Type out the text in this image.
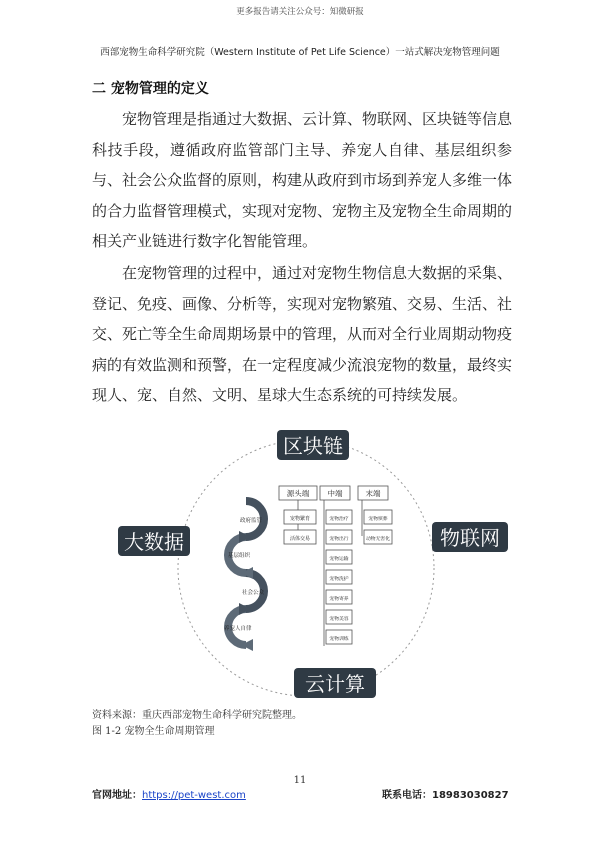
更多报告请关注公众号：知微研报
西部宠物生命科学研究院（Western Institute of Pet Life Science）一站式解决宠物管理问题
二 宠物管理的定义

宠物管理是指通过大数据、云计算、物联网、区块链等信息科技手段，遵循政府监管部门主导、养宠人自律、基层组织参与、社会公众监督的原则，构建从政府到市场到养宠人多维一体的合力监督管理模式，实现对宠物、宠物主及宠物全生命周期的相关产业链进行数字化智能管理。

在宠物管理的过程中，通过对宠物生物信息大数据的采集、登记、免疫、画像、分析等，实现对宠物繁殖、交易、生活、社交、死亡等全生命周期场景中的管理，从而对全行业周期动物疫病的有效监测和预警，在一定程度减少流浪宠物的数量，最终实现人、宠、自然、文明、星球大生态系统的可持续发展。

政府监管
基层组织
社会公众
养宠人自律
源头端
宠物繁育
活体交易
中端
宠物治疗
宠物出行
宠物运输
宠物洗护
宠物寄养
宠物美容
宠物训练
末端
宠物殡葬
动物无害化
区块链
大数据	物联网
云计算
资料来源：重庆西部宠物生命科学研究院整理。
图 1-2 宠物全生命周期管理
11
官网地址：https://pet-west.com	联系电话：18983030827
